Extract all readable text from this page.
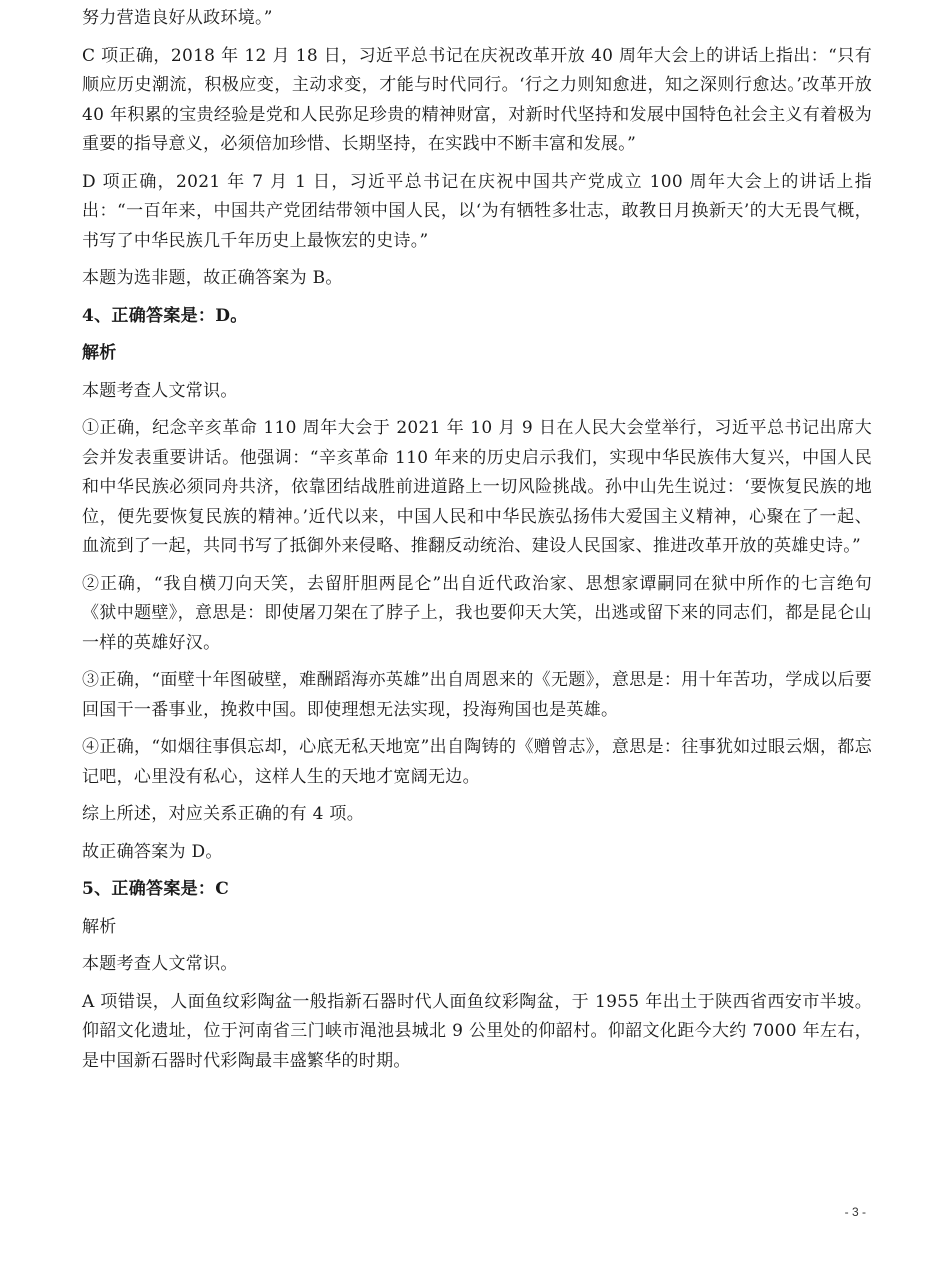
努力营造良好从政环境。”

C 项正确，2018 年 12 月 18 日，习近平总书记在庆祝改革开放 40 周年大会上的讲话上指出：“只有顺应历史潮流，积极应变，主动求变，才能与时代同行。‘行之力则知愈进，知之深则行愈达。’改革开放 40 年积累的宝贵经验是党和人民弥足珍贵的精神财富，对新时代坚持和发展中国特色社会主义有着极为重要的指导意义，必须倍加珍惜、长期坚持，在实践中不断丰富和发展。”

D 项正确，2021 年 7 月 1 日，习近平总书记在庆祝中国共产党成立 100 周年大会上的讲话上指出：“一百年来，中国共产党团结带领中国人民，以‘为有牺牲多壮志，敢教日月换新天’的大无畏气概，书写了中华民族几千年历史上最恢宏的史诗。”

本题为选非题，故正确答案为 B。

4、正确答案是：D。

解析

本题考查人文常识。

①正确，纪念辛亥革命 110 周年大会于 2021 年 10 月 9 日在人民大会堂举行，习近平总书记出席大会并发表重要讲话。他强调：“辛亥革命 110 年来的历史启示我们，实现中华民族伟大复兴，中国人民和中华民族必须同舟共济，依靠团结战胜前进道路上一切风险挑战。孙中山先生说过：‘要恢复民族的地位，便先要恢复民族的精神。’近代以来，中国人民和中华民族弘扬伟大爱国主义精神，心聚在了一起、血流到了一起，共同书写了抵御外来侵略、推翻反动统治、建设人民国家、推进改革开放的英雄史诗。”

②正确，“我自横刀向天笑，去留肝胆两昆仑”出自近代政治家、思想家谭嗣同在狱中所作的七言绝句《狱中题壁》，意思是：即使屠刀架在了脖子上，我也要仰天大笑，出逃或留下来的同志们，都是昆仑山一样的英雄好汉。

③正确，“面壁十年图破壁，难酬蹈海亦英雄”出自周恩来的《无题》，意思是：用十年苦功，学成以后要回国干一番事业，挽救中国。即使理想无法实现，投海殉国也是英雄。

④正确，“如烟往事俱忘却，心底无私天地宽”出自陶铸的《赠曾志》，意思是：往事犹如过眼云烟，都忘记吧，心里没有私心，这样人生的天地才宽阔无边。

综上所述，对应关系正确的有 4 项。

故正确答案为 D。

5、正确答案是：C

解析

本题考查人文常识。

A 项错误，人面鱼纹彩陶盆一般指新石器时代人面鱼纹彩陶盆，于 1955 年出土于陕西省西安市半坡。仰韶文化遗址，位于河南省三门峡市渑池县城北 9 公里处的仰韶村。仰韶文化距今大约 7000 年左右，是中国新石器时代彩陶最丰盛繁华的时期。

- 3 -
